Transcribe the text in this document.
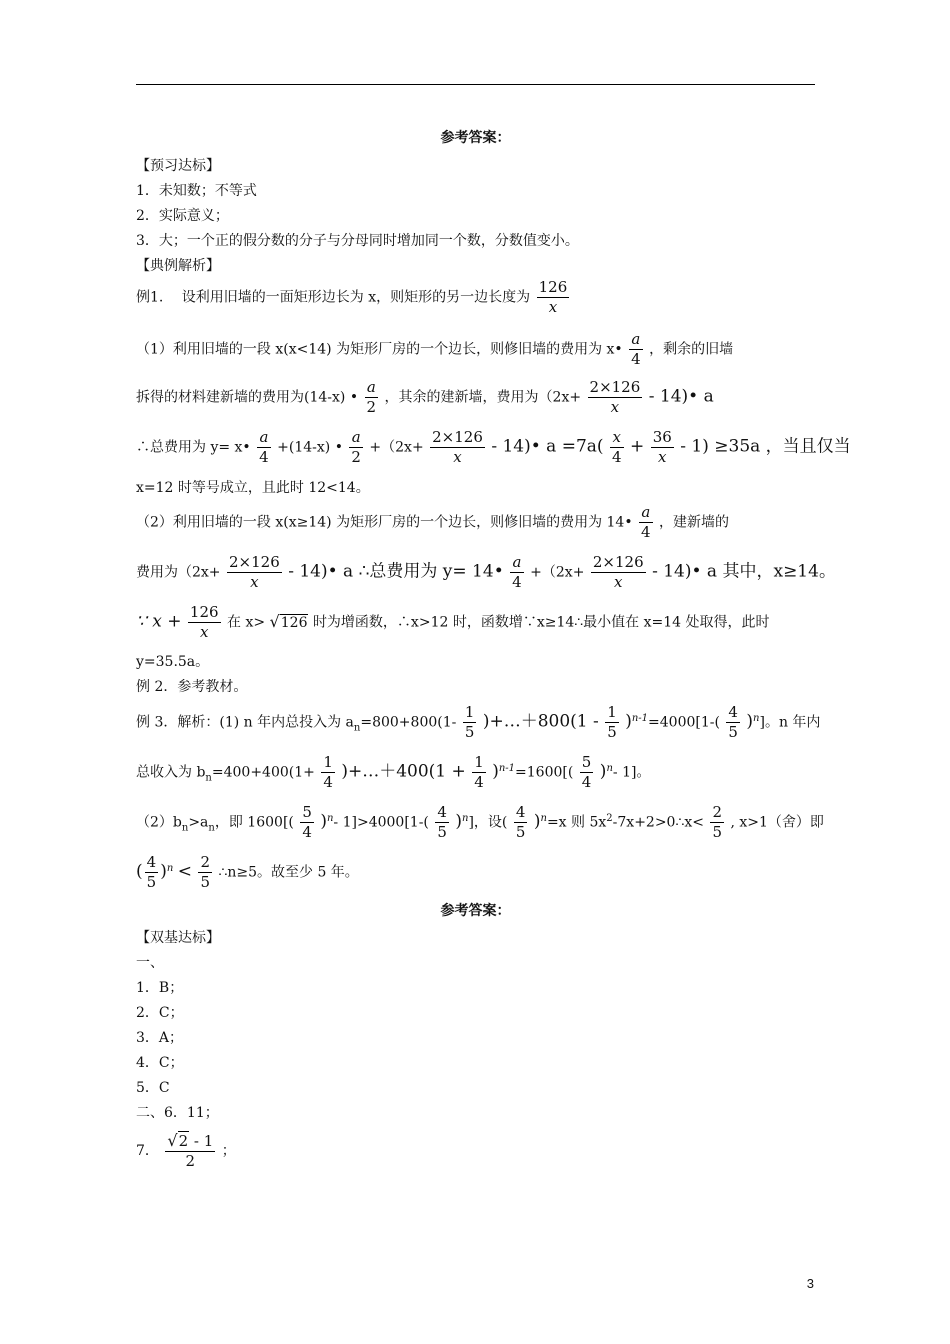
参考答案：
【预习达标】
1．未知数；不等式
2．实际意义；
3．大；一个正的假分数的分子与分母同时增加同一个数，分数值变小。
【典例解析】
例1.　 设利用旧墙的一面矩形边长为 x，则矩形的另一边长度为 $\frac{126}{x}$
（1）利用旧墙的一段 x(x<14) 为矩形厂房的一个边长，则修旧墙的费用为 x• $\frac{a}{4}$ ，剩余的旧墙
拆得的材料建新墙的费用为(14-x) • $\frac{a}{2}$ ，其余的建新墙，费用为（$2x+ \frac{2\times 126}{x}$ - 14)• a
∴总费用为 y= x• $\frac{a}{4} +(14-x)$ • $\frac{a}{2} +(2x+ \frac{2\times 126}{x}$ - 14)• $a =7a( \frac{x}{4} + \frac{36}{x} - 1) \ge 35a$ ，当且仅当
x=12 时等号成立，且此时 12<14。
（2）利用旧墙的一段 x(x≥14) 为矩形厂房的一个边长，则修旧墙的费用为 14• $\frac{a}{4}$ ，建新墙的
费用为（$2x+ \frac{2\times 126}{x}$ - 14)• a ∴总费用为 y= 14• $\frac{a}{4} +(2x+ \frac{2\times 126}{x}$ - 14)• a 其中，x≥14。
∵ $x + \frac{126}{x}$ 在 x> √126 时为增函数，∴x>12 时，函数增∵x≥14∴最小值在 x=14 处取得，此时
y=35.5a。
例 2．参考教材。
例 3．解析：(1) n 年内总投入为 $a_n=800+800(1- \frac{1}{5}$ )+…＋800(1 - $\frac{1}{5} )^{n-1}=4000[1-( \frac{4}{5} )^n]$。n 年内
总收入为 $b_n=400+400(1+ \frac{1}{4}$ )+…＋400(1 + $\frac{1}{4} )^{n-1}=1600[( \frac{5}{4} )^n-$ 1]。
$(2)b_n>a_n$，即 $1600[( \frac{5}{4} )^n-$ $1]>4000[1-( \frac{4}{5} )^n]$，设( $\frac{4}{5} )^n=x$ 则 $5x^2-7x+2>0\therefore x< \frac{2}{5}$ , x>1（舍）即
( $\frac{4}{5} )^n < \frac{2}{5}$ ∴n≥5。故至少 5 年。
参考答案：
【双基达标】
一、
1．B；
2．C；
3．A；
4．C；
5．C
二、6．11；
7． $\frac{√2 - 1}{2}$ ；
3
